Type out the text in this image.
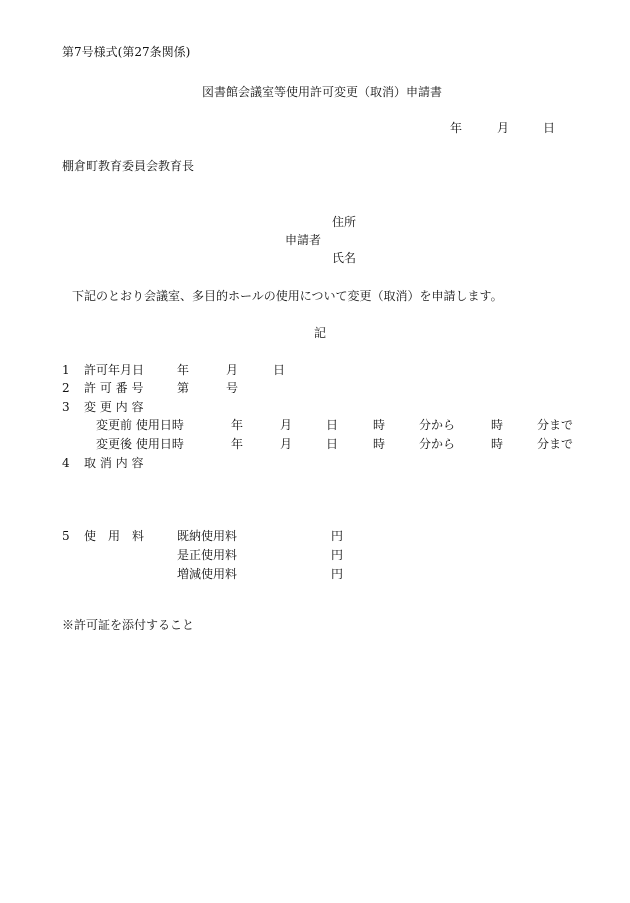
第7号様式(第27条関係)
図書館会議室等使用許可変更（取消）申請書
年	月	日
棚倉町教育委員会教育長
住所
申請者
氏名
下記のとおり会議室、多目的ホールの使用について変更（取消）を申請します。
記
1 許可年月日	年	月	日
2 許 可 番 号	第	号
3 変 更 内 容
変更前 使用日時	年	月	日	時	分から	時	分まで
変更後 使用日時	年	月	日	時	分から	時	分まで
4 取 消 内 容
5 使　用　料	既納使用料	円
是正使用料	円
増減使用料	円
※許可証を添付すること
